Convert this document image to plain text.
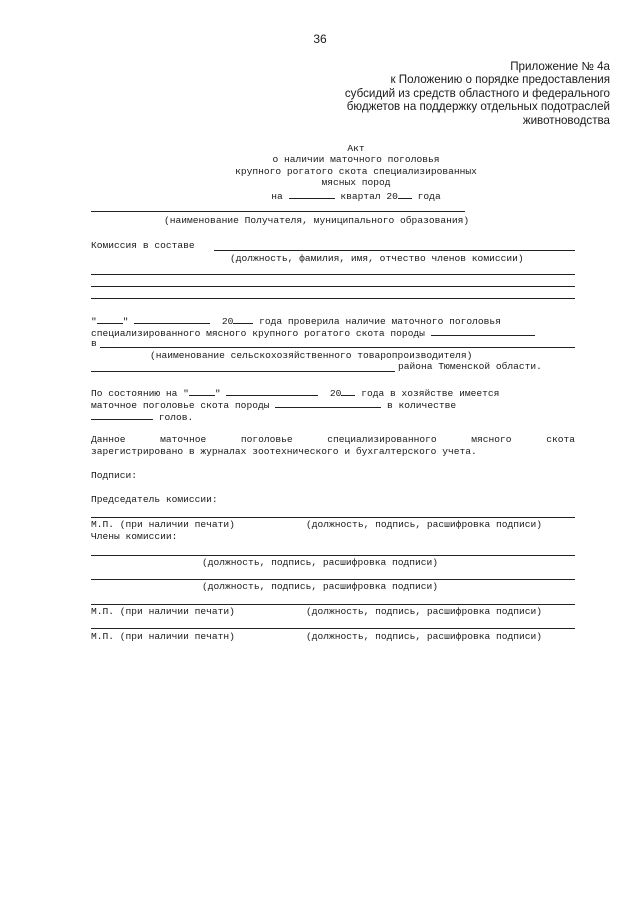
36
Приложение № 4а
к Положению о порядке предоставления
субсидий из средств областного и федерального
бюджетов на поддержку отдельных подотраслей
животноводства
Акт
о наличии маточного поголовья
крупного рогатого скота специализированных
мясных пород
на	квартал 20 года
(наименование Получателя, муниципального образования)
Комиссия в составе
(должность, фамилия, имя, отчество членов комиссии)
"	"	20	года проверила наличие маточного поголовья
специализированного мясного крупного рогатого скота породы
в
(наименование сельскохозяйственного товаропроизводителя)
района Тюменской области.
По состоянию на "	"	20 года в хозяйстве имеется
маточное поголовье скота породы	в количестве
голов.
Данное	маточное	поголовье	специализированного	мясного	скота
зарегистрировано в журналах зоотехнического и бухгалтерского учета.
Подписи:
Председатель комиссии:
М.П. (при наличии печати)	(должность, подпись, расшифровка подписи)
Члены комиссии:
(должность, подпись, расшифровка подписи)
(должность, подпись, расшифровка подписи)
М.П. (при наличии печати)	(должность, подпись, расшифровка подписи)
М.П. (при наличии печатн)	(должность, подпись, расшифровка подписи)
